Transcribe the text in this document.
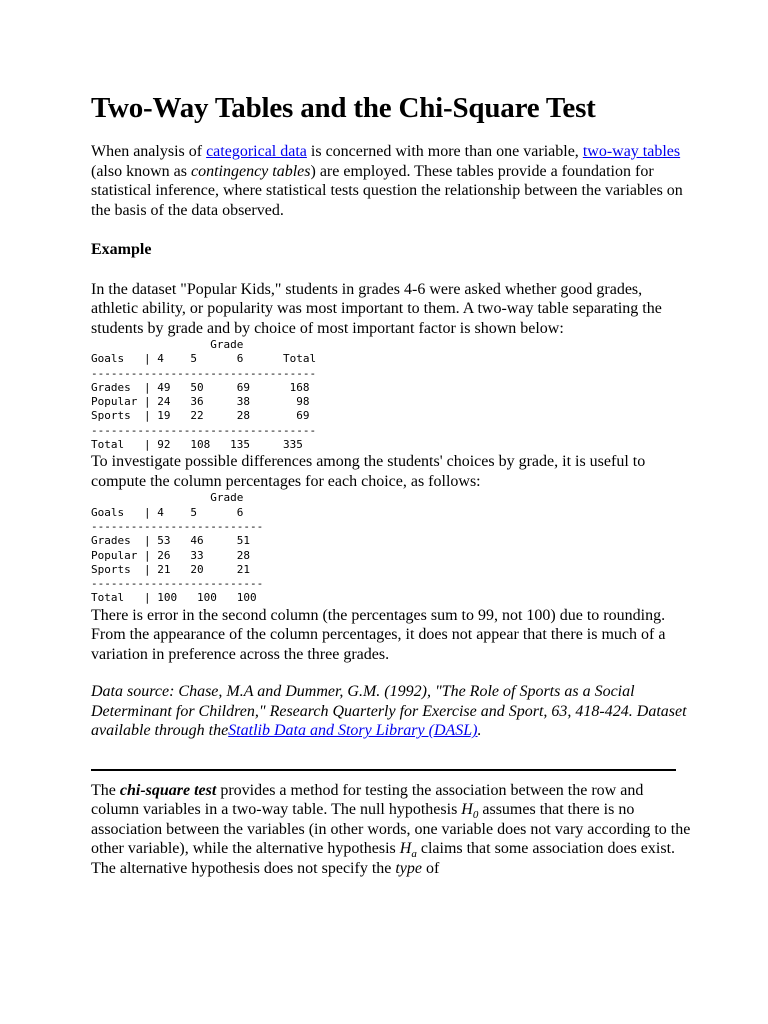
Two-Way Tables and the Chi-Square Test

When analysis of categorical data is concerned with more than one variable, two-way tables (also known as contingency tables) are employed. These tables provide a foundation for statistical inference, where statistical tests question the relationship between the variables on the basis of the data observed.

Example

In the dataset "Popular Kids," students in grades 4-6 were asked whether good grades, athletic ability, or popularity was most important to them. A two-way table separating the students by grade and by choice of most important factor is shown below:

Grade
Goals   | 4    5      6      Total
----------------------------------
Grades  | 49   50     69      168
Popular | 24   36     38       98
Sports  | 19   22     28       69
----------------------------------
Total   | 92   108   135     335

To investigate possible differences among the students' choices by grade, it is useful to compute the column percentages for each choice, as follows:

Grade
Goals   | 4    5      6
--------------------------
Grades  | 53   46     51
Popular | 26   33     28
Sports  | 21   20     21
--------------------------
Total   | 100   100   100

There is error in the second column (the percentages sum to 99, not 100) due to rounding. From the appearance of the column percentages, it does not appear that there is much of a variation in preference across the three grades.

Data source: Chase, M.A and Dummer, G.M. (1992), "The Role of Sports as a Social Determinant for Children," Research Quarterly for Exercise and Sport, 63, 418-424. Dataset available through theStatlib Data and Story Library (DASL).

The chi-square test provides a method for testing the association between the row and column variables in a two-way table. The null hypothesis $H_0$ assumes that there is no association between the variables (in other words, one variable does not vary according to the other variable), while the alternative hypothesis $H_a$ claims that some association does exist. The alternative hypothesis does not specify the type of
